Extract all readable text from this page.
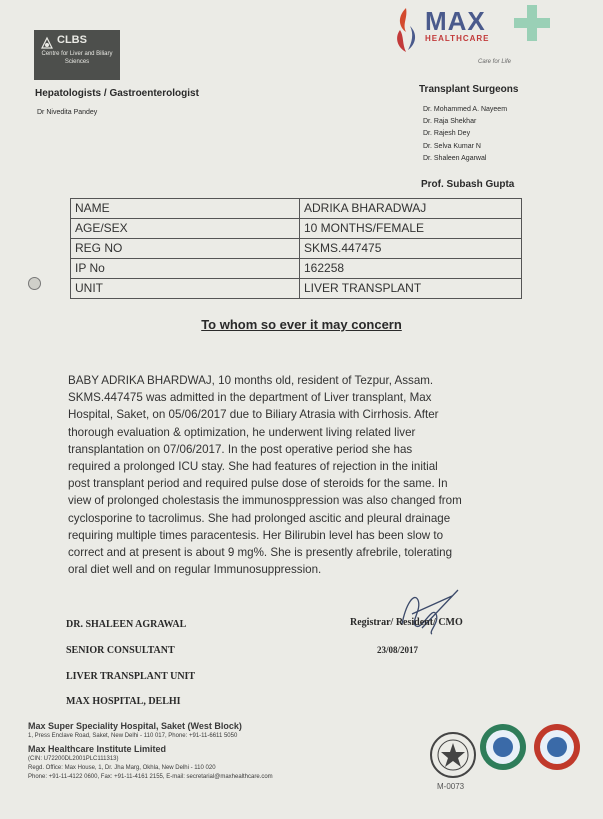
CLBS
Centre for Liver and Biliary Sciences
MAX
HEALTHCARE
Care for Life
Hepatologists / Gastroenterologist
Dr Nivedita Pandey
Transplant Surgeons
Dr. Mohammed A. Nayeem
Dr. Raja Shekhar
Dr. Rajesh Dey
Dr. Selva Kumar N
Dr. Shaleen Agarwal
Prof. Subash Gupta
NAME	ADRIKA BHARADWAJ
AGE/SEX	10 MONTHS/FEMALE
REG NO	SKMS.447475
IP No	162258
UNIT	LIVER TRANSPLANT
To whom so ever it may concern

BABY ADRIKA BHARDWAJ, 10 months old, resident of Tezpur, Assam.

SKMS.447475 was admitted in the department of Liver transplant, Max

Hospital, Saket, on 05/06/2017 due to Biliary Atrasia with Cirrhosis. After

thorough evaluation & optimization, he underwent living related liver

transplantation on 07/06/2017. In the post operative period she has

required a prolonged ICU stay. She had features of rejection in the initial

post transplant period and required pulse dose of steroids for the same. In

view of prolonged cholestasis the immunosppression was also changed from

cyclosporine to tacrolimus. She had prolonged ascitic and pleural drainage

requiring multiple times paracentesis. Her Bilirubin level has been slow to

correct and at present is about 9 mg%. She is presently afrebrile, tolerating

oral diet well and on regular Immunosuppression.

DR. SHALEEN AGRAWAL
SENIOR CONSULTANT
LIVER TRANSPLANT UNIT
MAX HOSPITAL, DELHI
Registrar/ Resident/ CMO
23/08/2017
Max Super Speciality Hospital, Saket (West Block)
1, Press Enclave Road, Saket, New Delhi - 110 017, Phone: +91-11-6611 5050
Max Healthcare Institute Limited
(CIN: U72200DL2001PLC111313)
Regd. Office: Max House, 1, Dr. Jha Marg, Okhla, New Delhi - 110 020
Phone: +91-11-4122 0600, Fax: +91-11-4161 2155, E-mail: secretarial@maxhealthcare.com
M-0073
